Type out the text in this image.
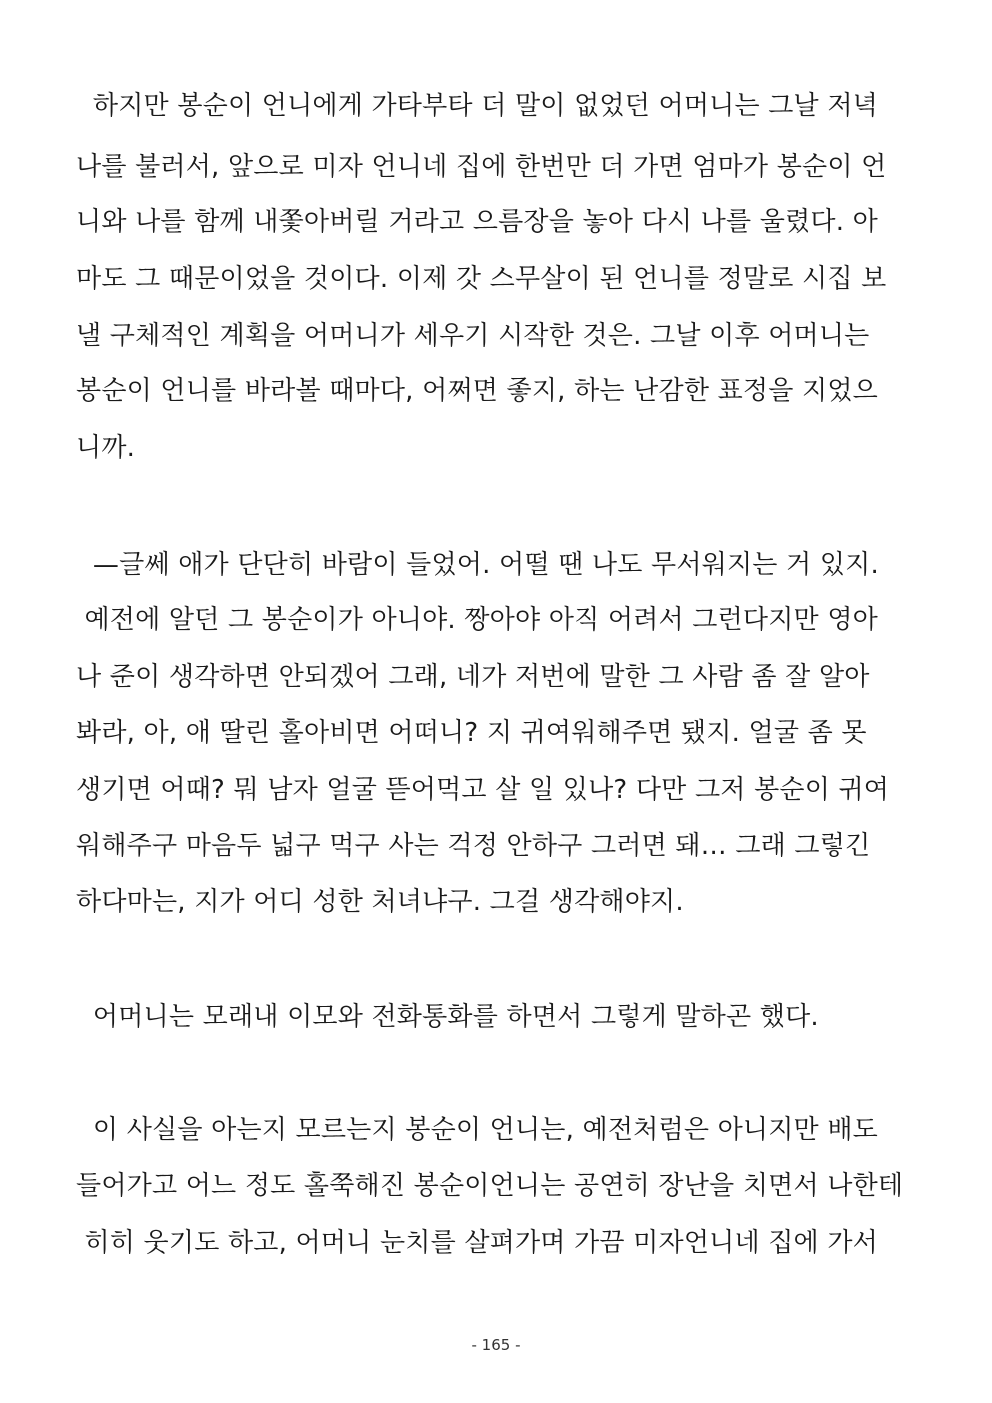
하지만 봉순이 언니에게 가타부타 더 말이 없었던 어머니는 그날 저녁
나를 불러서, 앞으로 미자 언니네 집에 한번만 더 가면 엄마가 봉순이 언
니와 나를 함께 내쫓아버릴 거라고 으름장을 놓아 다시 나를 울렸다. 아
마도 그 때문이었을 것이다. 이제 갓 스무살이 된 언니를 정말로 시집 보
낼 구체적인 계획을 어머니가 세우기 시작한 것은. 그날 이후 어머니는
봉순이 언니를 바라볼 때마다, 어쩌면 좋지, 하는 난감한 표정을 지었으
니까.
—글쎄 애가 단단히 바람이 들었어. 어떨 땐 나도 무서워지는 거 있지.
예전에 알던 그 봉순이가 아니야. 짱아야 아직 어려서 그런다지만 영아
나 준이 생각하면 안되겠어 그래, 네가 저번에 말한 그 사람 좀 잘 알아
봐라, 아, 애 딸린 홀아비면 어떠니? 지 귀여워해주면 됐지. 얼굴 좀 못
생기면 어때? 뭐 남자 얼굴 뜯어먹고 살 일 있나? 다만 그저 봉순이 귀여
워해주구 마음두 넓구 먹구 사는 걱정 안하구 그러면 돼… 그래 그렇긴
하다마는, 지가 어디 성한 처녀냐구. 그걸 생각해야지.
어머니는 모래내 이모와 전화통화를 하면서 그렇게 말하곤 했다.
이 사실을 아는지 모르는지 봉순이 언니는, 예전처럼은 아니지만 배도
들어가고 어느 정도 홀쭉해진 봉순이언니는 공연히 장난을 치면서 나한테
히히 웃기도 하고, 어머니 눈치를 살펴가며 가끔 미자언니네 집에 가서
- 165 -
